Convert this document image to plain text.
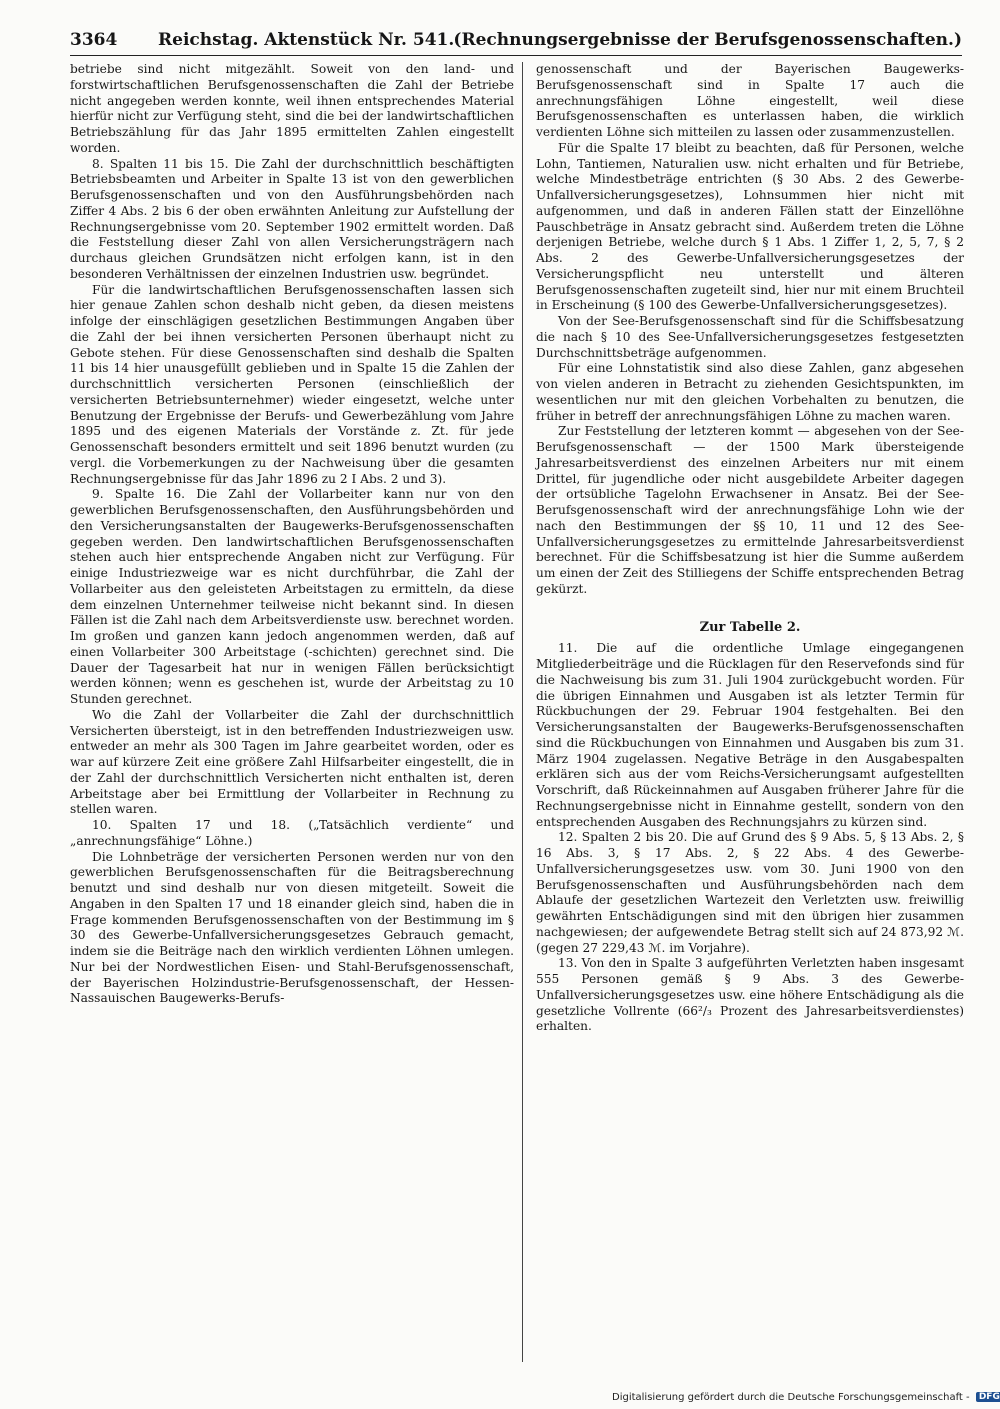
3364 Reichstag. Aktenstück Nr. 541. (Rechnungsergebnisse der Berufsgenossenschaften.)

betriebe sind nicht mitgezählt. Soweit von den land- und forstwirtschaftlichen Berufsgenossenschaften die Zahl der Betriebe nicht angegeben werden konnte, weil ihnen entsprechendes Material hierfür nicht zur Verfügung steht, sind die bei der landwirtschaftlichen Betriebszählung für das Jahr 1895 ermittelten Zahlen eingestellt worden.

8. Spalten 11 bis 15. Die Zahl der durchschnittlich beschäftigten Betriebsbeamten und Arbeiter in Spalte 13 ist von den gewerblichen Berufsgenossenschaften und von den Ausführungsbehörden nach Ziffer 4 Abs. 2 bis 6 der oben erwähnten Anleitung zur Aufstellung der Rechnungsergebnisse vom 20. September 1902 ermittelt worden. Daß die Feststellung dieser Zahl von allen Versicherungsträgern nach durchaus gleichen Grundsätzen nicht erfolgen kann, ist in den besonderen Verhältnissen der einzelnen Industrien usw. begründet.

Für die landwirtschaftlichen Berufsgenossenschaften lassen sich hier genaue Zahlen schon deshalb nicht geben, da diesen meistens infolge der einschlägigen gesetzlichen Bestimmungen Angaben über die Zahl der bei ihnen versicherten Personen überhaupt nicht zu Gebote stehen. Für diese Genossenschaften sind deshalb die Spalten 11 bis 14 hier unausgefüllt geblieben und in Spalte 15 die Zahlen der durchschnittlich versicherten Personen (einschließlich der versicherten Betriebsunternehmer) wieder eingesetzt, welche unter Benutzung der Ergebnisse der Berufs- und Gewerbezählung vom Jahre 1895 und des eigenen Materials der Vorstände z. Zt. für jede Genossenschaft besonders ermittelt und seit 1896 benutzt wurden (zu vergl. die Vorbemerkungen zu der Nachweisung über die gesamten Rechnungsergebnisse für das Jahr 1896 zu 2 I Abs. 2 und 3).

9. Spalte 16. Die Zahl der Vollarbeiter kann nur von den gewerblichen Berufsgenossenschaften, den Ausführungsbehörden und den Versicherungsanstalten der Baugewerks-Berufsgenossenschaften gegeben werden. Den landwirtschaftlichen Berufsgenossenschaften stehen auch hier entsprechende Angaben nicht zur Verfügung. Für einige Industriezweige war es nicht durchführbar, die Zahl der Vollarbeiter aus den geleisteten Arbeitstagen zu ermitteln, da diese dem einzelnen Unternehmer teilweise nicht bekannt sind. In diesen Fällen ist die Zahl nach dem Arbeitsverdienste usw. berechnet worden. Im großen und ganzen kann jedoch angenommen werden, daß auf einen Vollarbeiter 300 Arbeitstage (-schichten) gerechnet sind. Die Dauer der Tagesarbeit hat nur in wenigen Fällen berücksichtigt werden können; wenn es geschehen ist, wurde der Arbeitstag zu 10 Stunden gerechnet.

Wo die Zahl der Vollarbeiter die Zahl der durchschnittlich Versicherten übersteigt, ist in den betreffenden Industriezweigen usw. entweder an mehr als 300 Tagen im Jahre gearbeitet worden, oder es war auf kürzere Zeit eine größere Zahl Hilfsarbeiter eingestellt, die in der Zahl der durchschnittlich Versicherten nicht enthalten ist, deren Arbeitstage aber bei Ermittlung der Vollarbeiter in Rechnung zu stellen waren.

10. Spalten 17 und 18. („Tatsächlich verdiente“ und „anrechnungsfähige“ Löhne.)

Die Lohnbeträge der versicherten Personen werden nur von den gewerblichen Berufsgenossenschaften für die Beitragsberechnung benutzt und sind deshalb nur von diesen mitgeteilt. Soweit die Angaben in den Spalten 17 und 18 einander gleich sind, haben die in Frage kommenden Berufsgenossenschaften von der Bestimmung im § 30 des Gewerbe-Unfallversicherungsgesetzes Gebrauch gemacht, indem sie die Beiträge nach den wirklich verdienten Löhnen umlegen. Nur bei der Nordwestlichen Eisen- und Stahl-Berufsgenossenschaft, der Bayerischen Holzindustrie-Berufsgenossenschaft, der Hessen-Nassauischen Baugewerks-Berufs-

genossenschaft und der Bayerischen Baugewerks-Berufsgenossenschaft sind in Spalte 17 auch die anrechnungsfähigen Löhne eingestellt, weil diese Berufsgenossenschaften es unterlassen haben, die wirklich verdienten Löhne sich mitteilen zu lassen oder zusammenzustellen.

Für die Spalte 17 bleibt zu beachten, daß für Personen, welche Lohn, Tantiemen, Naturalien usw. nicht erhalten und für Betriebe, welche Mindestbeträge entrichten (§ 30 Abs. 2 des Gewerbe-Unfallversicherungsgesetzes), Lohnsummen hier nicht mit aufgenommen, und daß in anderen Fällen statt der Einzellöhne Pauschbeträge in Ansatz gebracht sind. Außerdem treten die Löhne derjenigen Betriebe, welche durch § 1 Abs. 1 Ziffer 1, 2, 5, 7, § 2 Abs. 2 des Gewerbe-Unfallversicherungsgesetzes der Versicherungspflicht neu unterstellt und älteren Berufsgenossenschaften zugeteilt sind, hier nur mit einem Bruchteil in Erscheinung (§ 100 des Gewerbe-Unfallversicherungsgesetzes).

Von der See-Berufsgenossenschaft sind für die Schiffsbesatzung die nach § 10 des See-Unfallversicherungsgesetzes festgesetzten Durchschnittsbeträge aufgenommen.

Für eine Lohnstatistik sind also diese Zahlen, ganz abgesehen von vielen anderen in Betracht zu ziehenden Gesichtspunkten, im wesentlichen nur mit den gleichen Vorbehalten zu benutzen, die früher in betreff der anrechnungsfähigen Löhne zu machen waren.

Zur Feststellung der letzteren kommt — abgesehen von der See-Berufsgenossenschaft — der 1500 Mark übersteigende Jahresarbeitsverdienst des einzelnen Arbeiters nur mit einem Drittel, für jugendliche oder nicht ausgebildete Arbeiter dagegen der ortsübliche Tagelohn Erwachsener in Ansatz. Bei der See-Berufsgenossenschaft wird der anrechnungsfähige Lohn wie der nach den Bestimmungen der §§ 10, 11 und 12 des See-Unfallversicherungsgesetzes zu ermittelnde Jahresarbeitsverdienst berechnet. Für die Schiffsbesatzung ist hier die Summe außerdem um einen der Zeit des Stilliegens der Schiffe entsprechenden Betrag gekürzt.

Zur Tabelle 2.

11. Die auf die ordentliche Umlage eingegangenen Mitgliederbeiträge und die Rücklagen für den Reservefonds sind für die Nachweisung bis zum 31. Juli 1904 zurückgebucht worden. Für die übrigen Einnahmen und Ausgaben ist als letzter Termin für Rückbuchungen der 29. Februar 1904 festgehalten. Bei den Versicherungsanstalten der Baugewerks-Berufsgenossenschaften sind die Rückbuchungen von Einnahmen und Ausgaben bis zum 31. März 1904 zugelassen. Negative Beträge in den Ausgabespalten erklären sich aus der vom Reichs-Versicherungsamt aufgestellten Vorschrift, daß Rückeinnahmen auf Ausgaben früherer Jahre für die Rechnungsergebnisse nicht in Einnahme gestellt, sondern von den entsprechenden Ausgaben des Rechnungsjahrs zu kürzen sind.

12. Spalten 2 bis 20. Die auf Grund des § 9 Abs. 5, § 13 Abs. 2, § 16 Abs. 3, § 17 Abs. 2, § 22 Abs. 4 des Gewerbe-Unfallversicherungsgesetzes usw. vom 30. Juni 1900 von den Berufsgenossenschaften und Ausführungsbehörden nach dem Ablaufe der gesetzlichen Wartezeit den Verletzten usw. freiwillig gewährten Entschädigungen sind mit den übrigen hier zusammen nachgewiesen; der aufgewendete Betrag stellt sich auf 24 873,92 ℳ. (gegen 27 229,43 ℳ. im Vorjahre).

13. Von den in Spalte 3 aufgeführten Verletzten haben insgesamt 555 Personen gemäß § 9 Abs. 3 des Gewerbe-Unfallversicherungsgesetzes usw. eine höhere Entschädigung als die gesetzliche Vollrente (66²/₃ Prozent des Jahresarbeitsverdienstes) erhalten.

Digitalisierung gefördert durch die Deutsche Forschungsgemeinschaft - DFG
